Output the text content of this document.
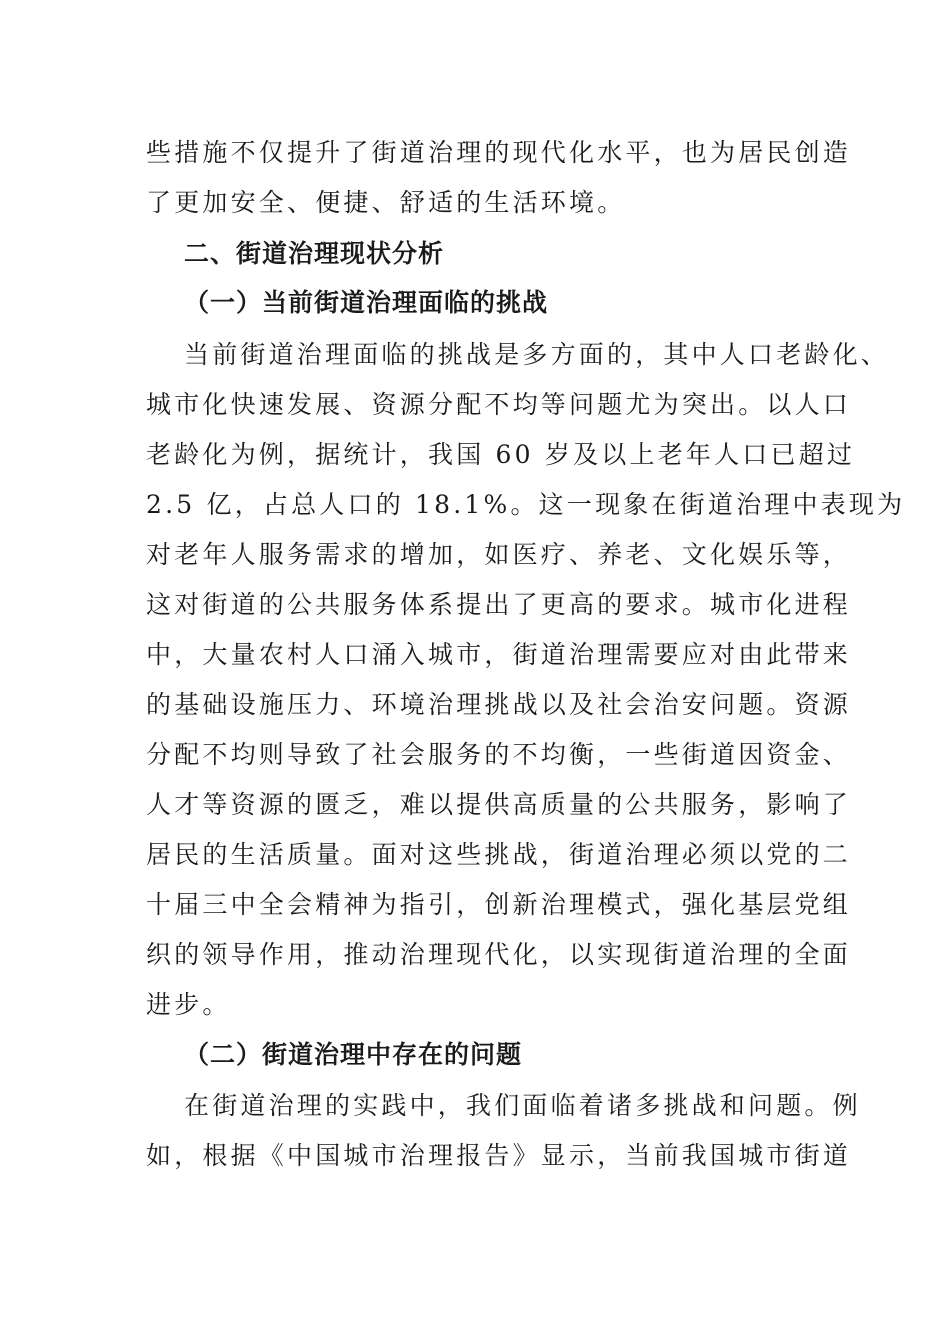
些措施不仅提升了街道治理的现代化水平，也为居民创造
了更加安全、便捷、舒适的生活环境。
二、街道治理现状分析
（一）当前街道治理面临的挑战
当前街道治理面临的挑战是多方面的，其中人口老龄化、
城市化快速发展、资源分配不均等问题尤为突出。以人口
老龄化为例，据统计，我国 60 岁及以上老年人口已超过
2.5 亿，占总人口的 18.1%。这一现象在街道治理中表现为
对老年人服务需求的增加，如医疗、养老、文化娱乐等，
这对街道的公共服务体系提出了更高的要求。城市化进程
中，大量农村人口涌入城市，街道治理需要应对由此带来
的基础设施压力、环境治理挑战以及社会治安问题。资源
分配不均则导致了社会服务的不均衡，一些街道因资金、
人才等资源的匮乏，难以提供高质量的公共服务，影响了
居民的生活质量。面对这些挑战，街道治理必须以党的二
十届三中全会精神为指引，创新治理模式，强化基层党组
织的领导作用，推动治理现代化，以实现街道治理的全面
进步。
（二）街道治理中存在的问题
在街道治理的实践中，我们面临着诸多挑战和问题。例
如，根据《中国城市治理报告》显示，当前我国城市街道
